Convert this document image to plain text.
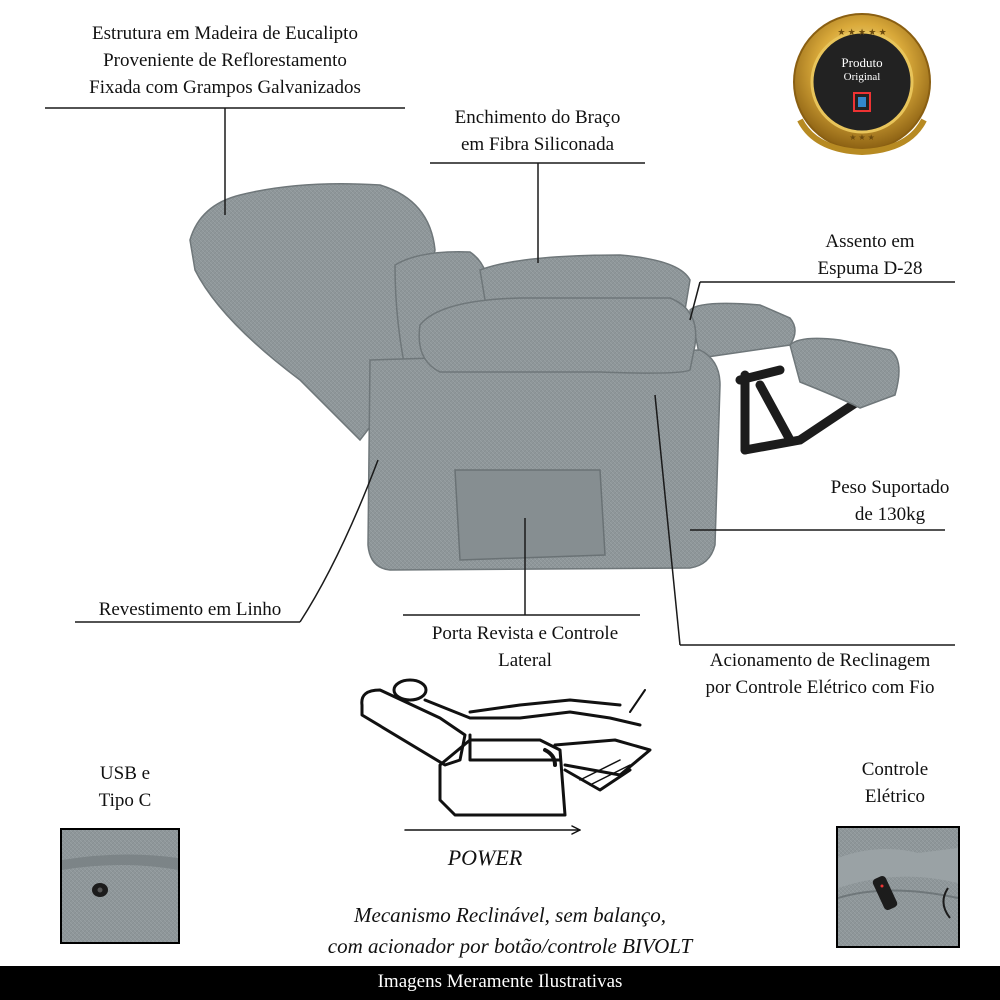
★ ★ ★ ★ ★
★ ★ ★
Produto
Original
Estrutura em Madeira de Eucalipto
Proveniente de Reflorestamento
Fixada com Grampos Galvanizados
Enchimento do Braço
em Fibra Siliconada
Assento em
Espuma D-28
Peso Suportado
de 130kg
Revestimento em Linho
Porta Revista e Controle
Lateral	Acionamento de Reclinagem
por Controle Elétrico com Fio
USB e
Tipo C
Controle
Elétrico
POWER
Mecanismo Reclinável, sem balanço,
com acionador por botão/controle BIVOLT
Imagens Meramente Ilustrativas
